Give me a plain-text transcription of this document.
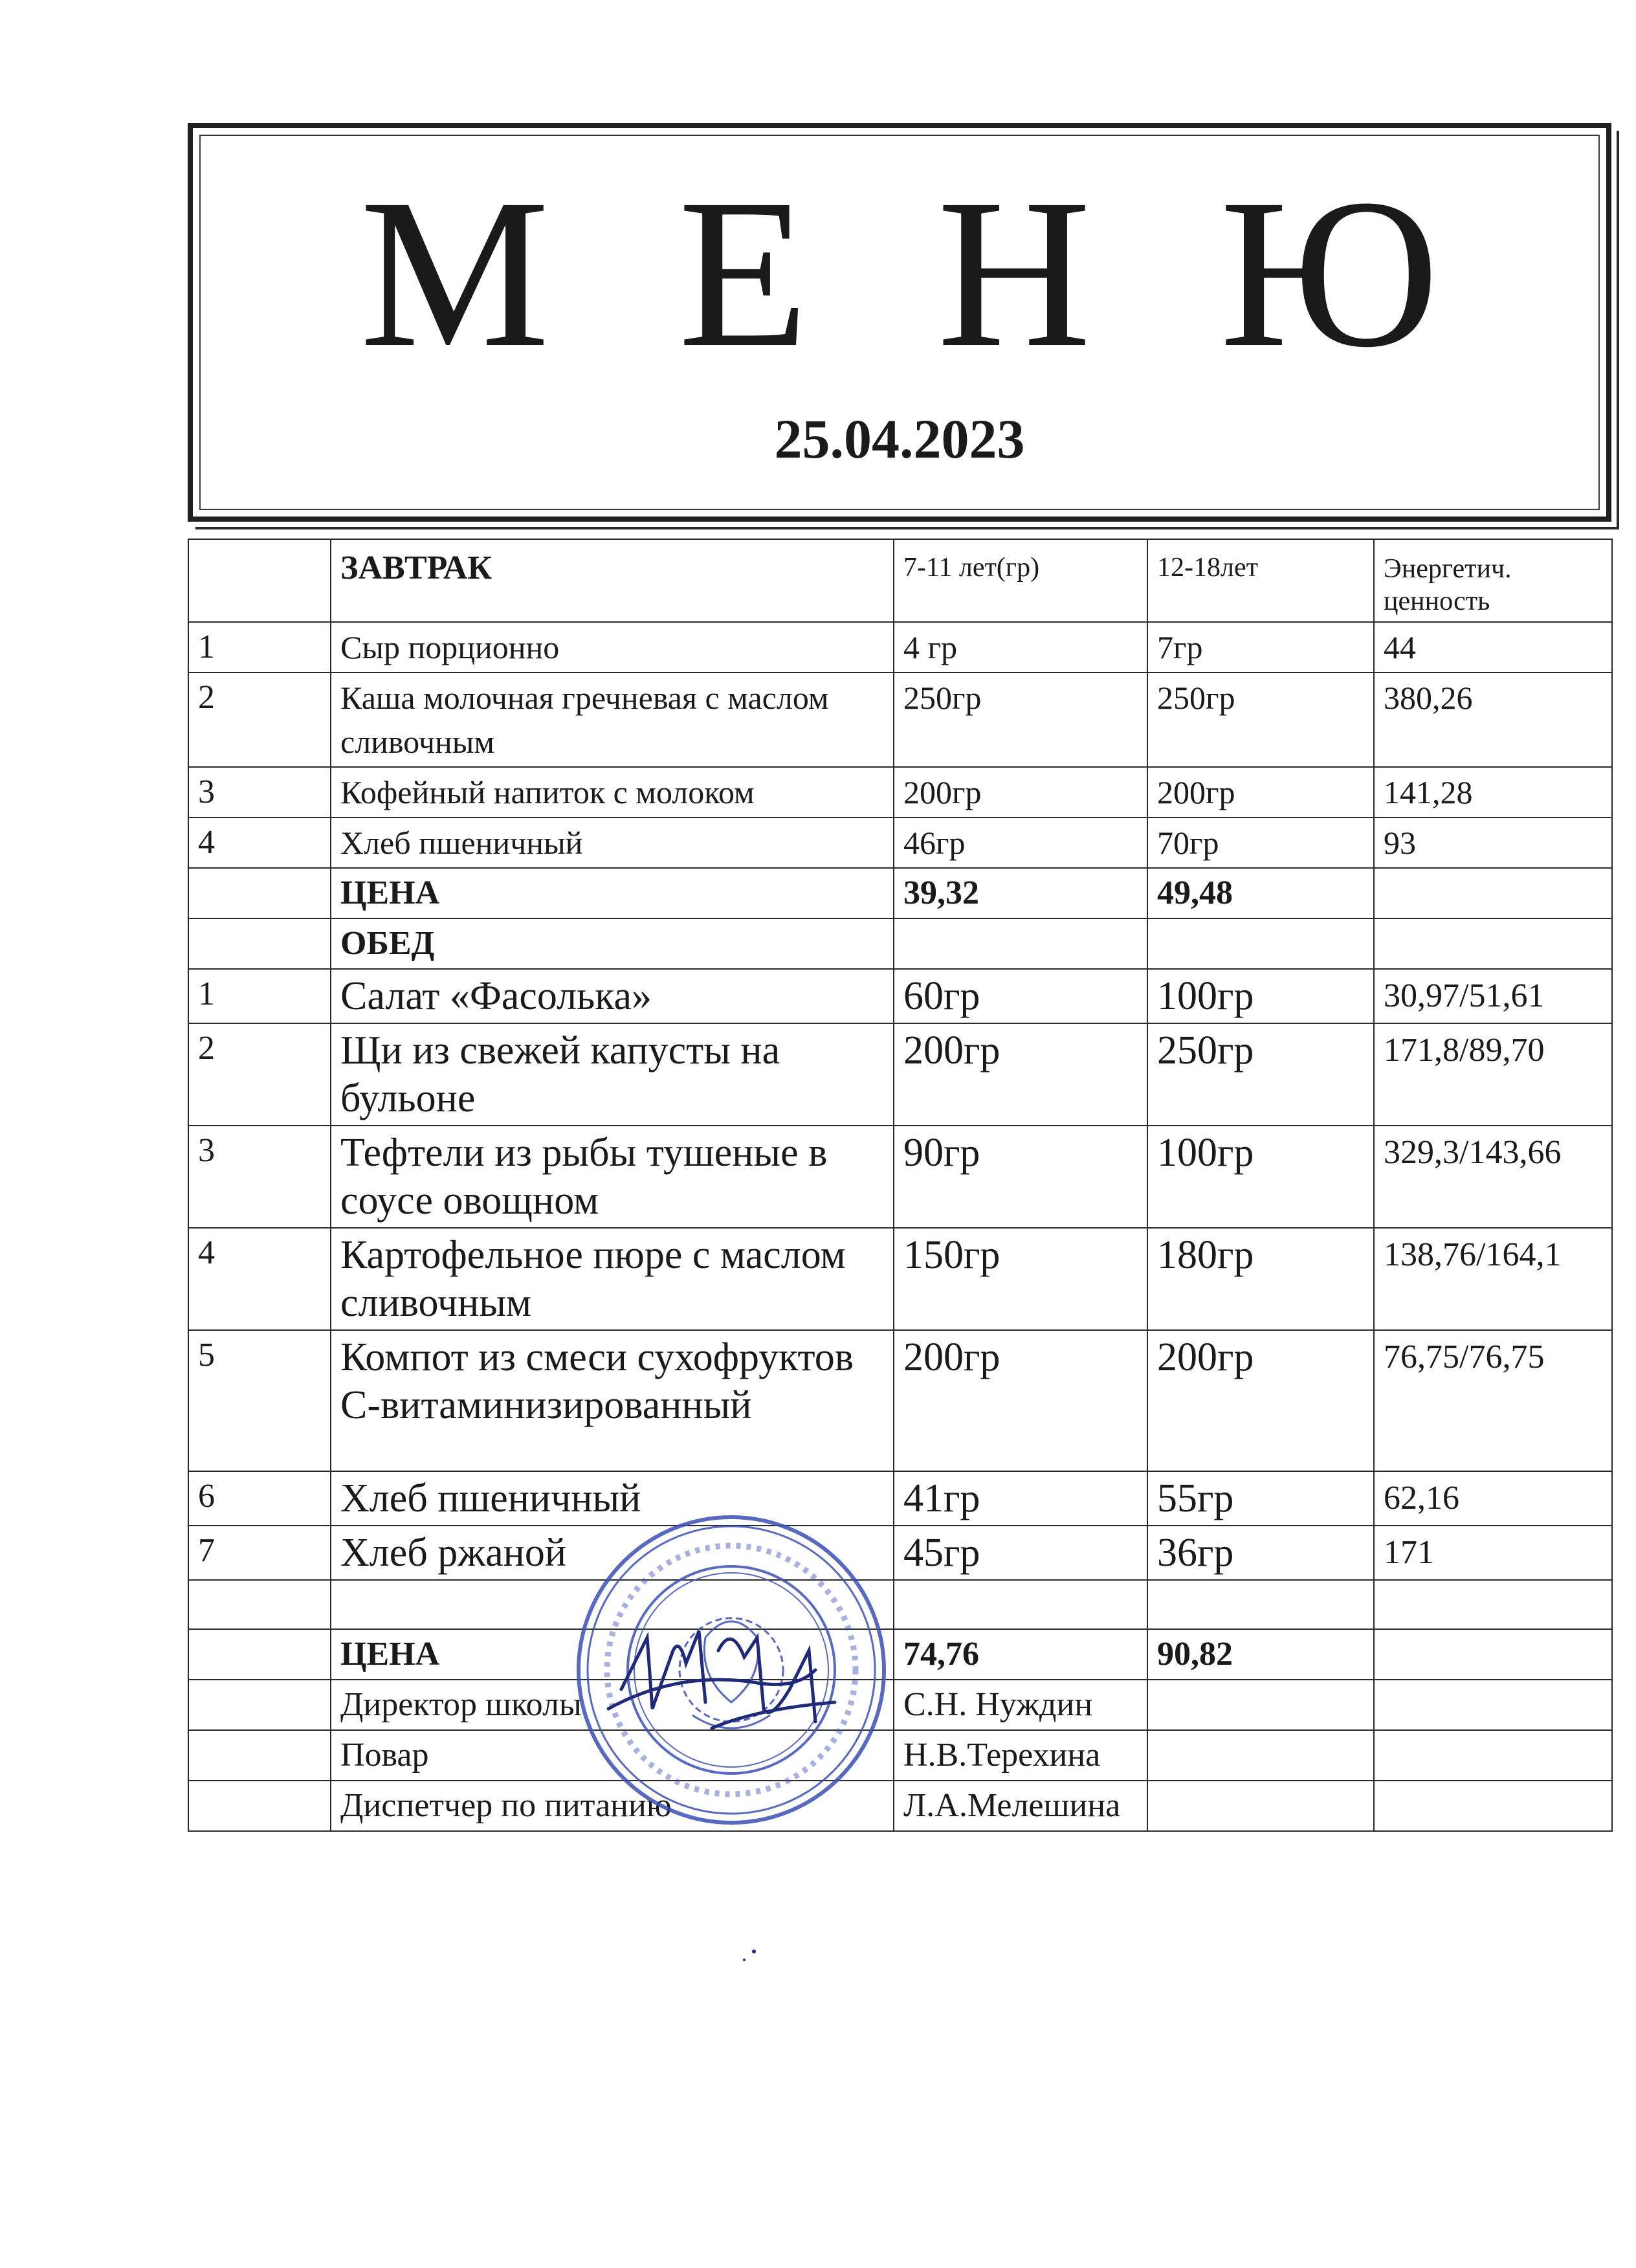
М Е Н Ю
25.04.2023
	ЗАВТРАК	7-11 лет(гр)	12-18лет	Энергетич. ценность
1	Сыр порционно	4 гр	7гр	44
2	Каша молочная гречневая с маслом сливочным	250гр	250гр	380,26
3	Кофейный напиток с молоком	200гр	200гр	141,28
4	Хлеб пшеничный	46гр	70гр	93
	ЦЕНА	39,32	49,48	
	ОБЕД			
1	Салат «Фасолька»	60гр	100гр	30,97/51,61
2	Щи из свежей капусты на бульоне	200гр	250гр	171,8/89,70
3	Тефтели из рыбы тушеные в соусе овощном	90гр	100гр	329,3/143,66
4	Картофельное пюре с маслом сливочным	150гр	180гр	138,76/164,1
5	Компот из смеси сухофруктов С-витаминизированный	200гр	200гр	76,75/76,75
6	Хлеб пшеничный	41гр	55гр	62,16
7	Хлеб ржаной	45гр	36гр	171

	ЦЕНА	74,76	90,82	
	Директор школы	С.Н. Нуждин		
	Повар	Н.В.Терехина		
	Диспетчер по питанию	Л.А.Мелешина		
